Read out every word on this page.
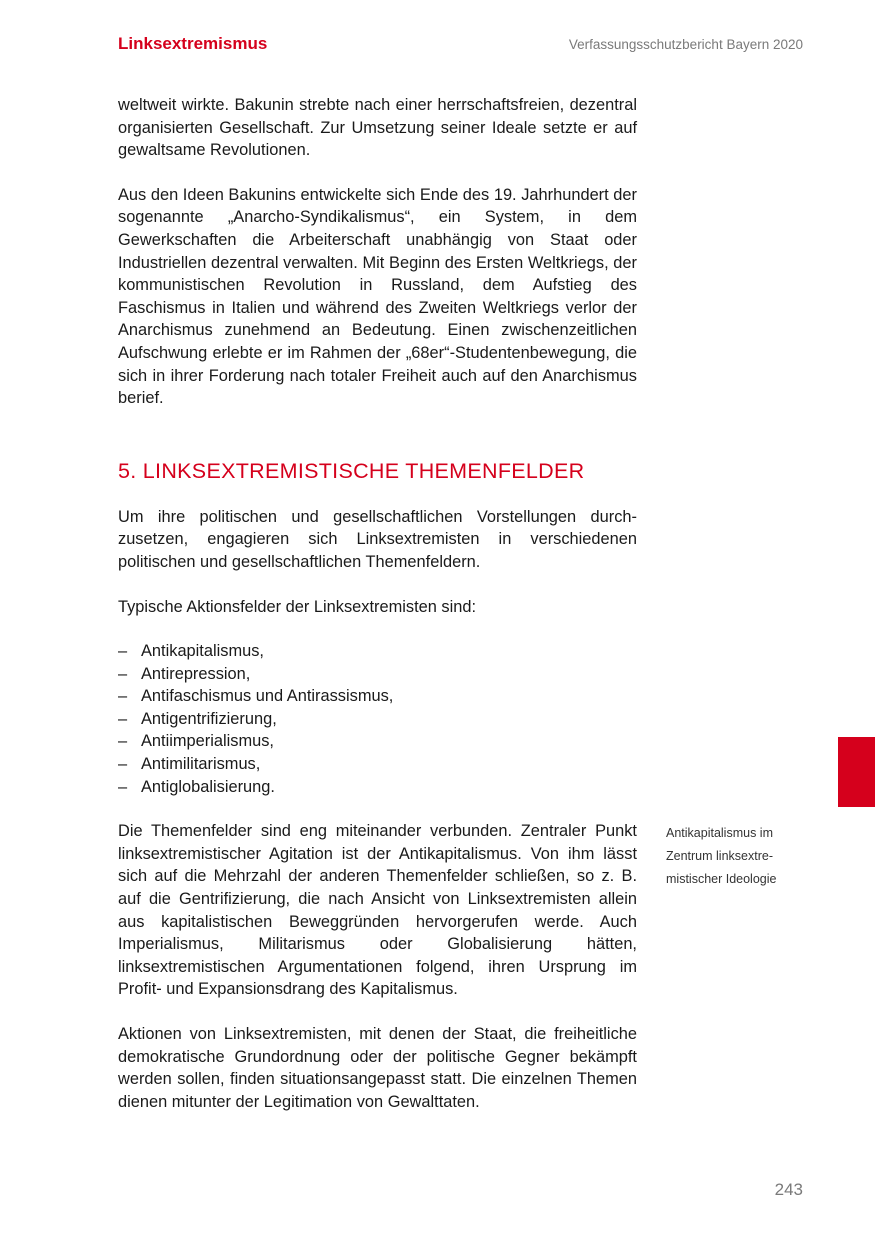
Linksextremismus	Verfassungsschutzbericht Bayern 2020

weltweit wirkte. Bakunin strebte nach einer herrschaftsfreien, dezentral organisierten Gesellschaft. Zur Umsetzung seiner Ideale setzte er auf gewaltsame Revolutionen.

Aus den Ideen Bakunins entwickelte sich Ende des 19. Jahrhundert der sogenannte „Anarcho-Syndikalismus“, ein System, in dem Gewerkschaften die Arbeiterschaft unabhängig von Staat oder Industriellen dezentral verwalten. Mit Beginn des Ersten Weltkriegs, der kommunistischen Revolution in Russland, dem Aufstieg des Faschismus in Italien und während des Zweiten Weltkriegs verlor der Anarchismus zunehmend an Bedeutung. Einen zwischenzeitlichen Aufschwung erlebte er im Rahmen der „68er“-Studentenbewegung, die sich in ihrer Forderung nach totaler Freiheit auch auf den Anarchismus berief.

5. LINKSEXTREMISTISCHE THEMENFELDER

Um ihre politischen und gesellschaftlichen Vorstellungen durchzusetzen, engagieren sich Linksextremisten in verschiedenen politischen und gesellschaftlichen Themenfeldern.

Typische Aktionsfelder der Linksextremisten sind:

– Antikapitalismus,
– Antirepression,
– Antifaschismus und Antirassismus,
– Antigentrifizierung,
– Antiimperialismus,
– Antimilitarismus,
– Antiglobalisierung.

Die Themenfelder sind eng miteinander verbunden. Zentraler Punkt linksextremistischer Agitation ist der Antikapitalismus. Von ihm lässt sich auf die Mehrzahl der anderen Themenfelder schließen, so z. B. auf die Gentrifizierung, die nach Ansicht von Linksextremisten allein aus kapitalistischen Beweggründen hervorgerufen werde. Auch Imperialismus, Militarismus oder Globalisierung hätten, linksextremistischen Argumentationen folgend, ihren Ursprung im Profit- und Expansionsdrang des Kapitalismus.

Aktionen von Linksextremisten, mit denen der Staat, die freiheitliche demokratische Grundordnung oder der politische Gegner bekämpft werden sollen, finden situationsangepasst statt. Die einzelnen Themen dienen mitunter der Legitimation von Gewalttaten.

Antikapitalismus im Zentrum linksextremistischer Ideologie
243
